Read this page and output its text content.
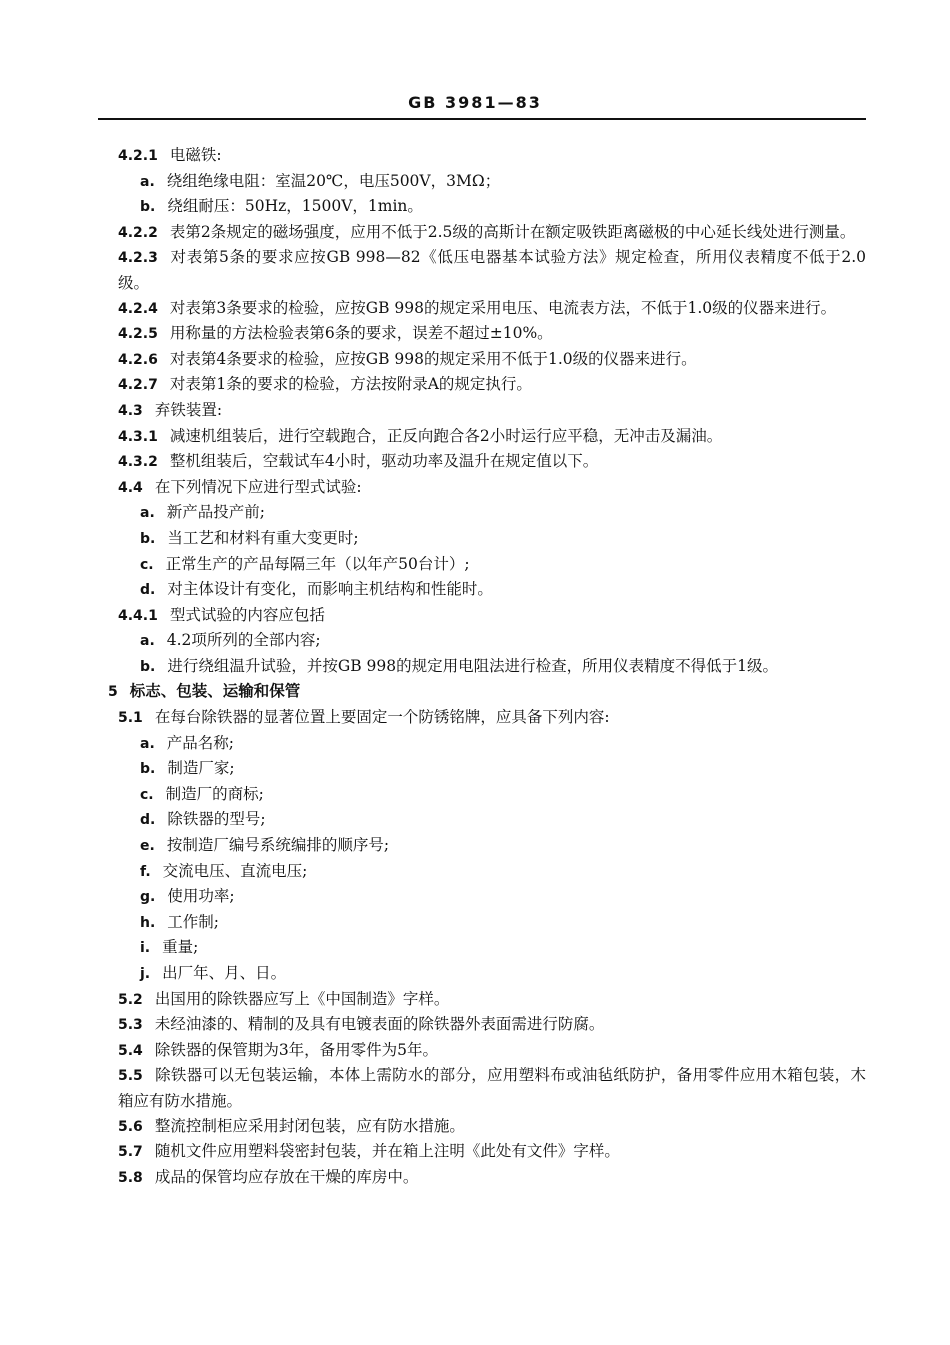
GB 3981—83
4.2.1 电磁铁:
a. 绕组绝缘电阻：室温20℃，电压500V，3MΩ；
b. 绕组耐压：50Hz，1500V，1min。
4.2.2 表第2条规定的磁场强度，应用不低于2.5级的高斯计在额定吸铁距离磁极的中心延长线处进行测量。
4.2.3 对表第5条的要求应按GB 998—82《低压电器基本试验方法》规定检查，所用仪表精度不低于2.0级。
4.2.4 对表第3条要求的检验，应按GB 998的规定采用电压、电流表方法，不低于1.0级的仪器来进行。
4.2.5 用称量的方法检验表第6条的要求，误差不超过±10%。
4.2.6 对表第4条要求的检验，应按GB 998的规定采用不低于1.0级的仪器来进行。
4.2.7 对表第1条的要求的检验，方法按附录A的规定执行。
4.3 弃铁装置:
4.3.1 减速机组装后，进行空载跑合，正反向跑合各2小时运行应平稳，无冲击及漏油。
4.3.2 整机组装后，空载试车4小时，驱动功率及温升在规定值以下。
4.4 在下列情况下应进行型式试验:
a. 新产品投产前;
b. 当工艺和材料有重大变更时;
c. 正常生产的产品每隔三年（以年产50台计）;
d. 对主体设计有变化，而影响主机结构和性能时。
4.4.1 型式试验的内容应包括
a. 4.2项所列的全部内容;
b. 进行绕组温升试验，并按GB 998的规定用电阻法进行检查，所用仪表精度不得低于1级。
5 标志、包装、运输和保管
5.1 在每台除铁器的显著位置上要固定一个防锈铭牌，应具备下列内容:
a. 产品名称;
b. 制造厂家;
c. 制造厂的商标;
d. 除铁器的型号;
e. 按制造厂编号系统编排的顺序号;
f. 交流电压、直流电压;
g. 使用功率;
h. 工作制;
i. 重量;
j. 出厂年、月、日。
5.2 出国用的除铁器应写上《中国制造》字样。
5.3 未经油漆的、精制的及具有电镀表面的除铁器外表面需进行防腐。
5.4 除铁器的保管期为3年，备用零件为5年。
5.5 除铁器可以无包装运输，本体上需防水的部分，应用塑料布或油毡纸防护，备用零件应用木箱包装，木箱应有防水措施。
5.6 整流控制柜应采用封闭包装，应有防水措施。
5.7 随机文件应用塑料袋密封包装，并在箱上注明《此处有文件》字样。
5.8 成品的保管均应存放在干燥的库房中。
